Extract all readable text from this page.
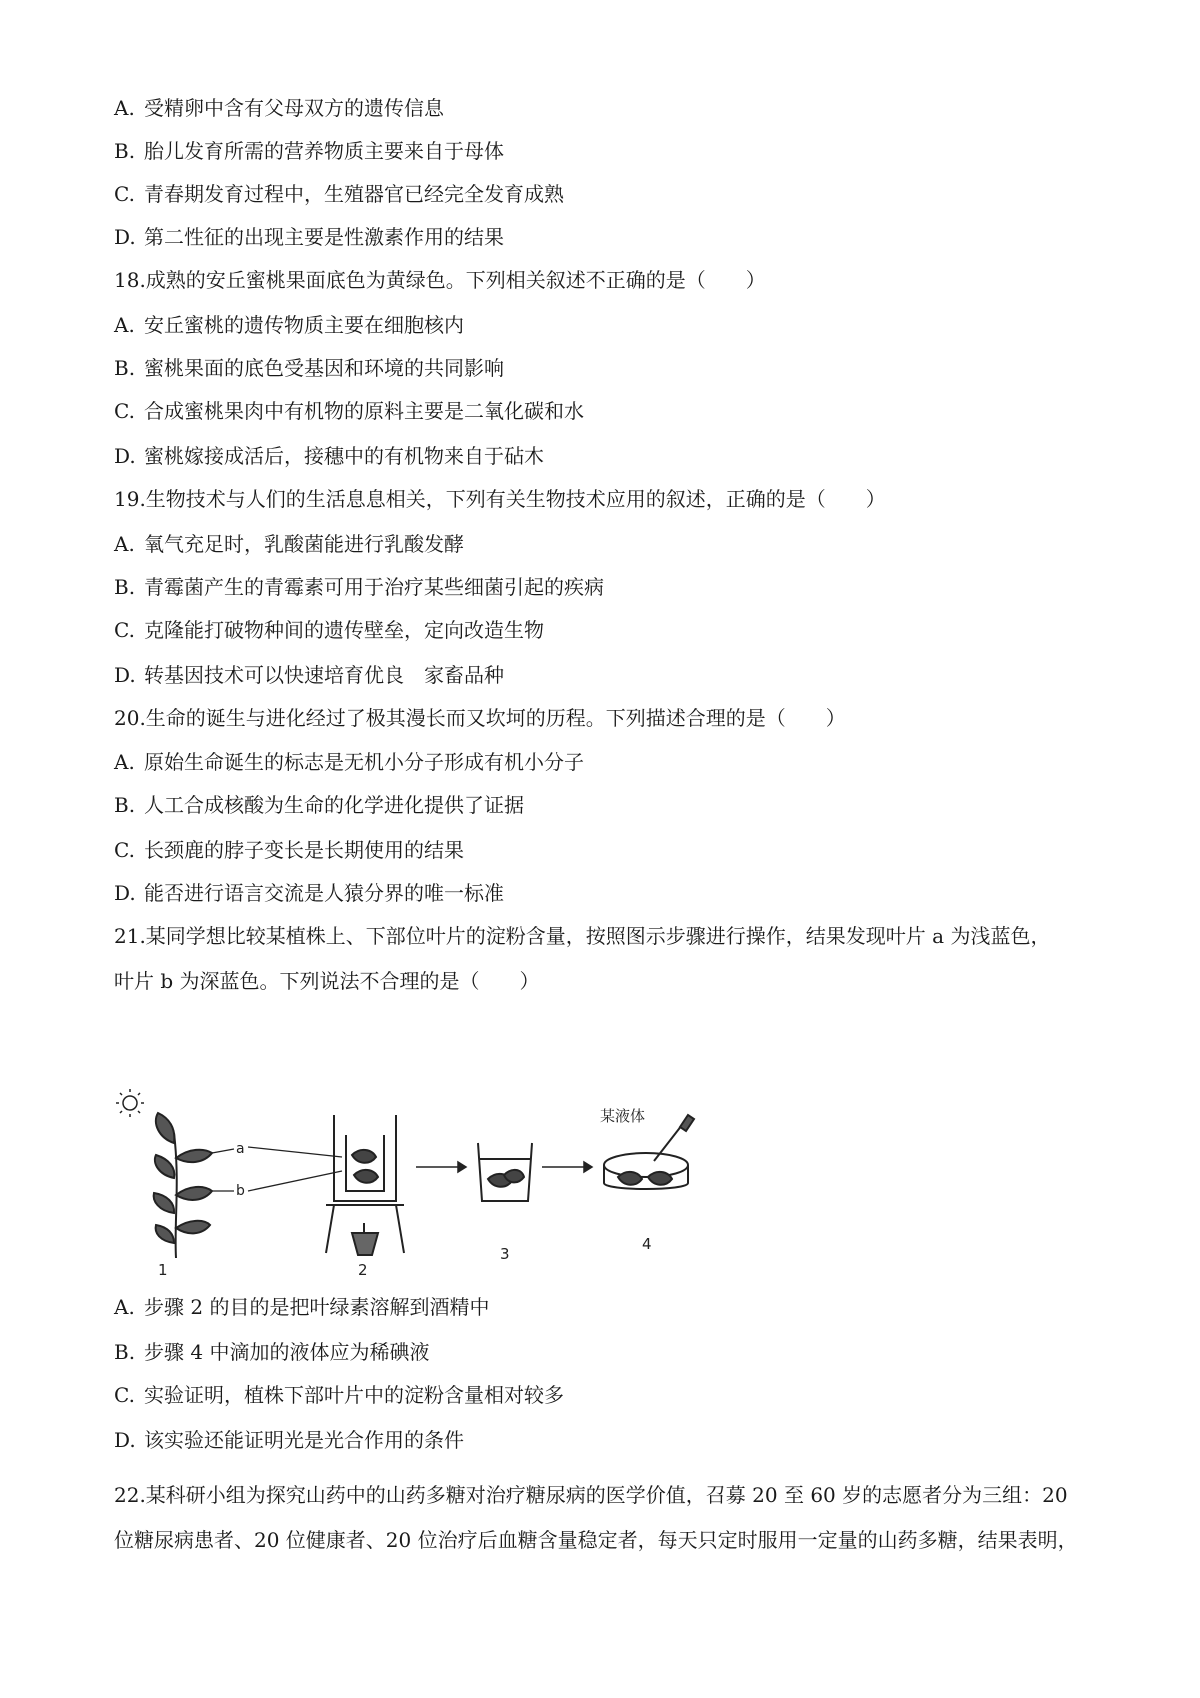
A. 受精卵中含有父母双方的遗传信息
B. 胎儿发育所需的营养物质主要来自于母体
C. 青春期发育过程中，生殖器官已经完全发育成熟
D. 第二性征的出现主要是性激素作用的结果
18.成熟的安丘蜜桃果面底色为黄绿色。下列相关叙述不正确的是（　　）
A. 安丘蜜桃的遗传物质主要在细胞核内
B. 蜜桃果面的底色受基因和环境的共同影响
C. 合成蜜桃果肉中有机物的原料主要是二氧化碳和水
D. 蜜桃嫁接成活后，接穗中的有机物来自于砧木
19.生物技术与人们的生活息息相关，下列有关生物技术应用的叙述，正确的是（　　）
A. 氧气充足时，乳酸菌能进行乳酸发酵
B. 青霉菌产生的青霉素可用于治疗某些细菌引起的疾病
C. 克隆能打破物种间的遗传壁垒，定向改造生物
D. 转基因技术可以快速培育优良　家畜品种
20.生命的诞生与进化经过了极其漫长而又坎坷的历程。下列描述合理的是（　　）
A. 原始生命诞生的标志是无机小分子形成有机小分子
B. 人工合成核酸为生命的化学进化提供了证据
C. 长颈鹿的脖子变长是长期使用的结果
D. 能否进行语言交流是人猿分界的唯一标准
21.某同学想比较某植株上、下部位叶片的淀粉含量，按照图示步骤进行操作，结果发现叶片 a 为浅蓝色，
叶片 b 为深蓝色。下列说法不合理的是（　　）
a
b
1	2
3
某液体
4
A. 步骤 2 的目的是把叶绿素溶解到酒精中
B. 步骤 4 中滴加的液体应为稀碘液
C. 实验证明，植株下部叶片中的淀粉含量相对较多
D. 该实验还能证明光是光合作用的条件
22.某科研小组为探究山药中的山药多糖对治疗糖尿病的医学价值，召募 20 至 60 岁的志愿者分为三组：20
位糖尿病患者、20 位健康者、20 位治疗后血糖含量稳定者，每天只定时服用一定量的山药多糖，结果表明，
